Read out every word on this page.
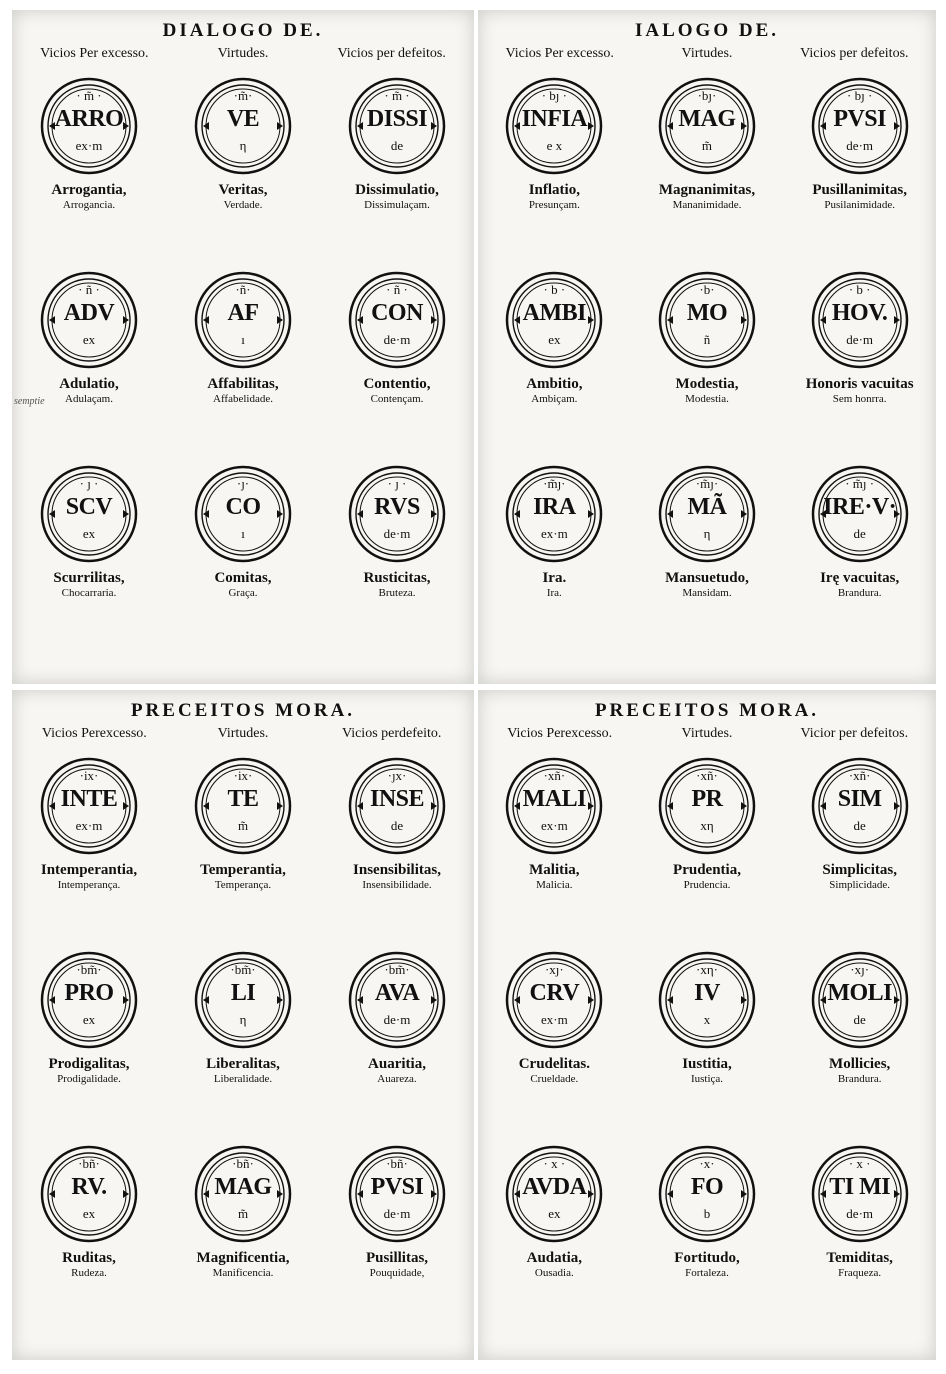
DIALOGO DE.
Vicios Per excesso.	Virtudes.	Vicios per defeitos.
· m̃ ·
ARRO
ex·m
Arrogantia,
Arrogancia.
·m̃·
VE
η
Veritas,
Verdade.
· m̃ ·
DISSI
de
Dissimulatio,
Dissimulaçam.
· ñ ·
ADV
ex
Adulatio,
Adulaçam.
·ñ·
AF
ı
Affabilitas,
Affabelidade.
· ñ ·
CON
de·m
Contentio,
Contençam.
· ȷ ·
SCV
ex
Scurrilitas,
Chocarraria.
·ȷ·
CO
ı
Comitas,
Graça.
· ȷ ·
RVS
de·m
Rusticitas,
Bruteza.
IALOGO DE.
Vicios Per excesso.	Virtudes.	Vicios per defeitos.
· bȷ ·
INFIA
e x
Inflatio,
Presunçam.
·bȷ·
MAG
m̃
Magnanimitas,
Mananimidade.
· bȷ ·
PVSI
de·m
Pusillanimitas,
Pusilanimidade.
· b ·
AMBI
ex
Ambitio,
Ambiçam.
·b·
MO
ñ
Modestia,
Modestia.
· b ·
HOV.
de·m
Honoris vacuitas
Sem honrra.
·m̃ȷ·
IRA
ex·m
Ira.
Ira.
·m̃ȷ·
MÃ
η
Mansuetudo,
Mansidam.
· m̃ȷ ·
IRE·V·
de
Irę vacuitas,
Brandura.
PRECEITOS MORA.
Vicios Perexcesso.	Virtudes.	Vicios perdefeito.
·ix·
INTE
ex·m
Intemperantia,
Intemperança.
·ix·
TE
m̃
Temperantia,
Temperança.
·ȷx·
INSE
de
Insensibilitas,
Insensibilidade.
·bm̃·
PRO
ex
Prodigalitas,
Prodigalidade.
·bm̃·
LI
η
Liberalitas,
Liberalidade.
·bm̃·
AVA
de·m
Auaritia,
Auareza.
·bñ·
RV.
ex
Ruditas,
Rudeza.
·bñ·
MAG
m̃
Magnificentia,
Manificencia.
·bñ·
PVSI
de·m
Pusillitas,
Pouquidade,
PRECEITOS MORA.
Vicios Perexcesso.	Virtudes.	Vicior per defeitos.
·xñ·
MALI
ex·m
Malitia,
Malicia.
·xñ·
PR
xη
Prudentia,
Prudencia.
·xñ·
SIM
de
Simplicitas,
Simplicidade.
·xȷ·
CRV
ex·m
Crudelitas.
Crueldade.
·xη·
IV
x
Iustitia,
Iustiça.
·xȷ·
MOLI
de
Mollicies,
Brandura.
· x ·
AVDA
ex
Audatia,
Ousadia.
·x·
FO
b
Fortitudo,
Fortaleza.
· x ·
TI MI
de·m
Temiditas,
Fraqueza.
semptie
